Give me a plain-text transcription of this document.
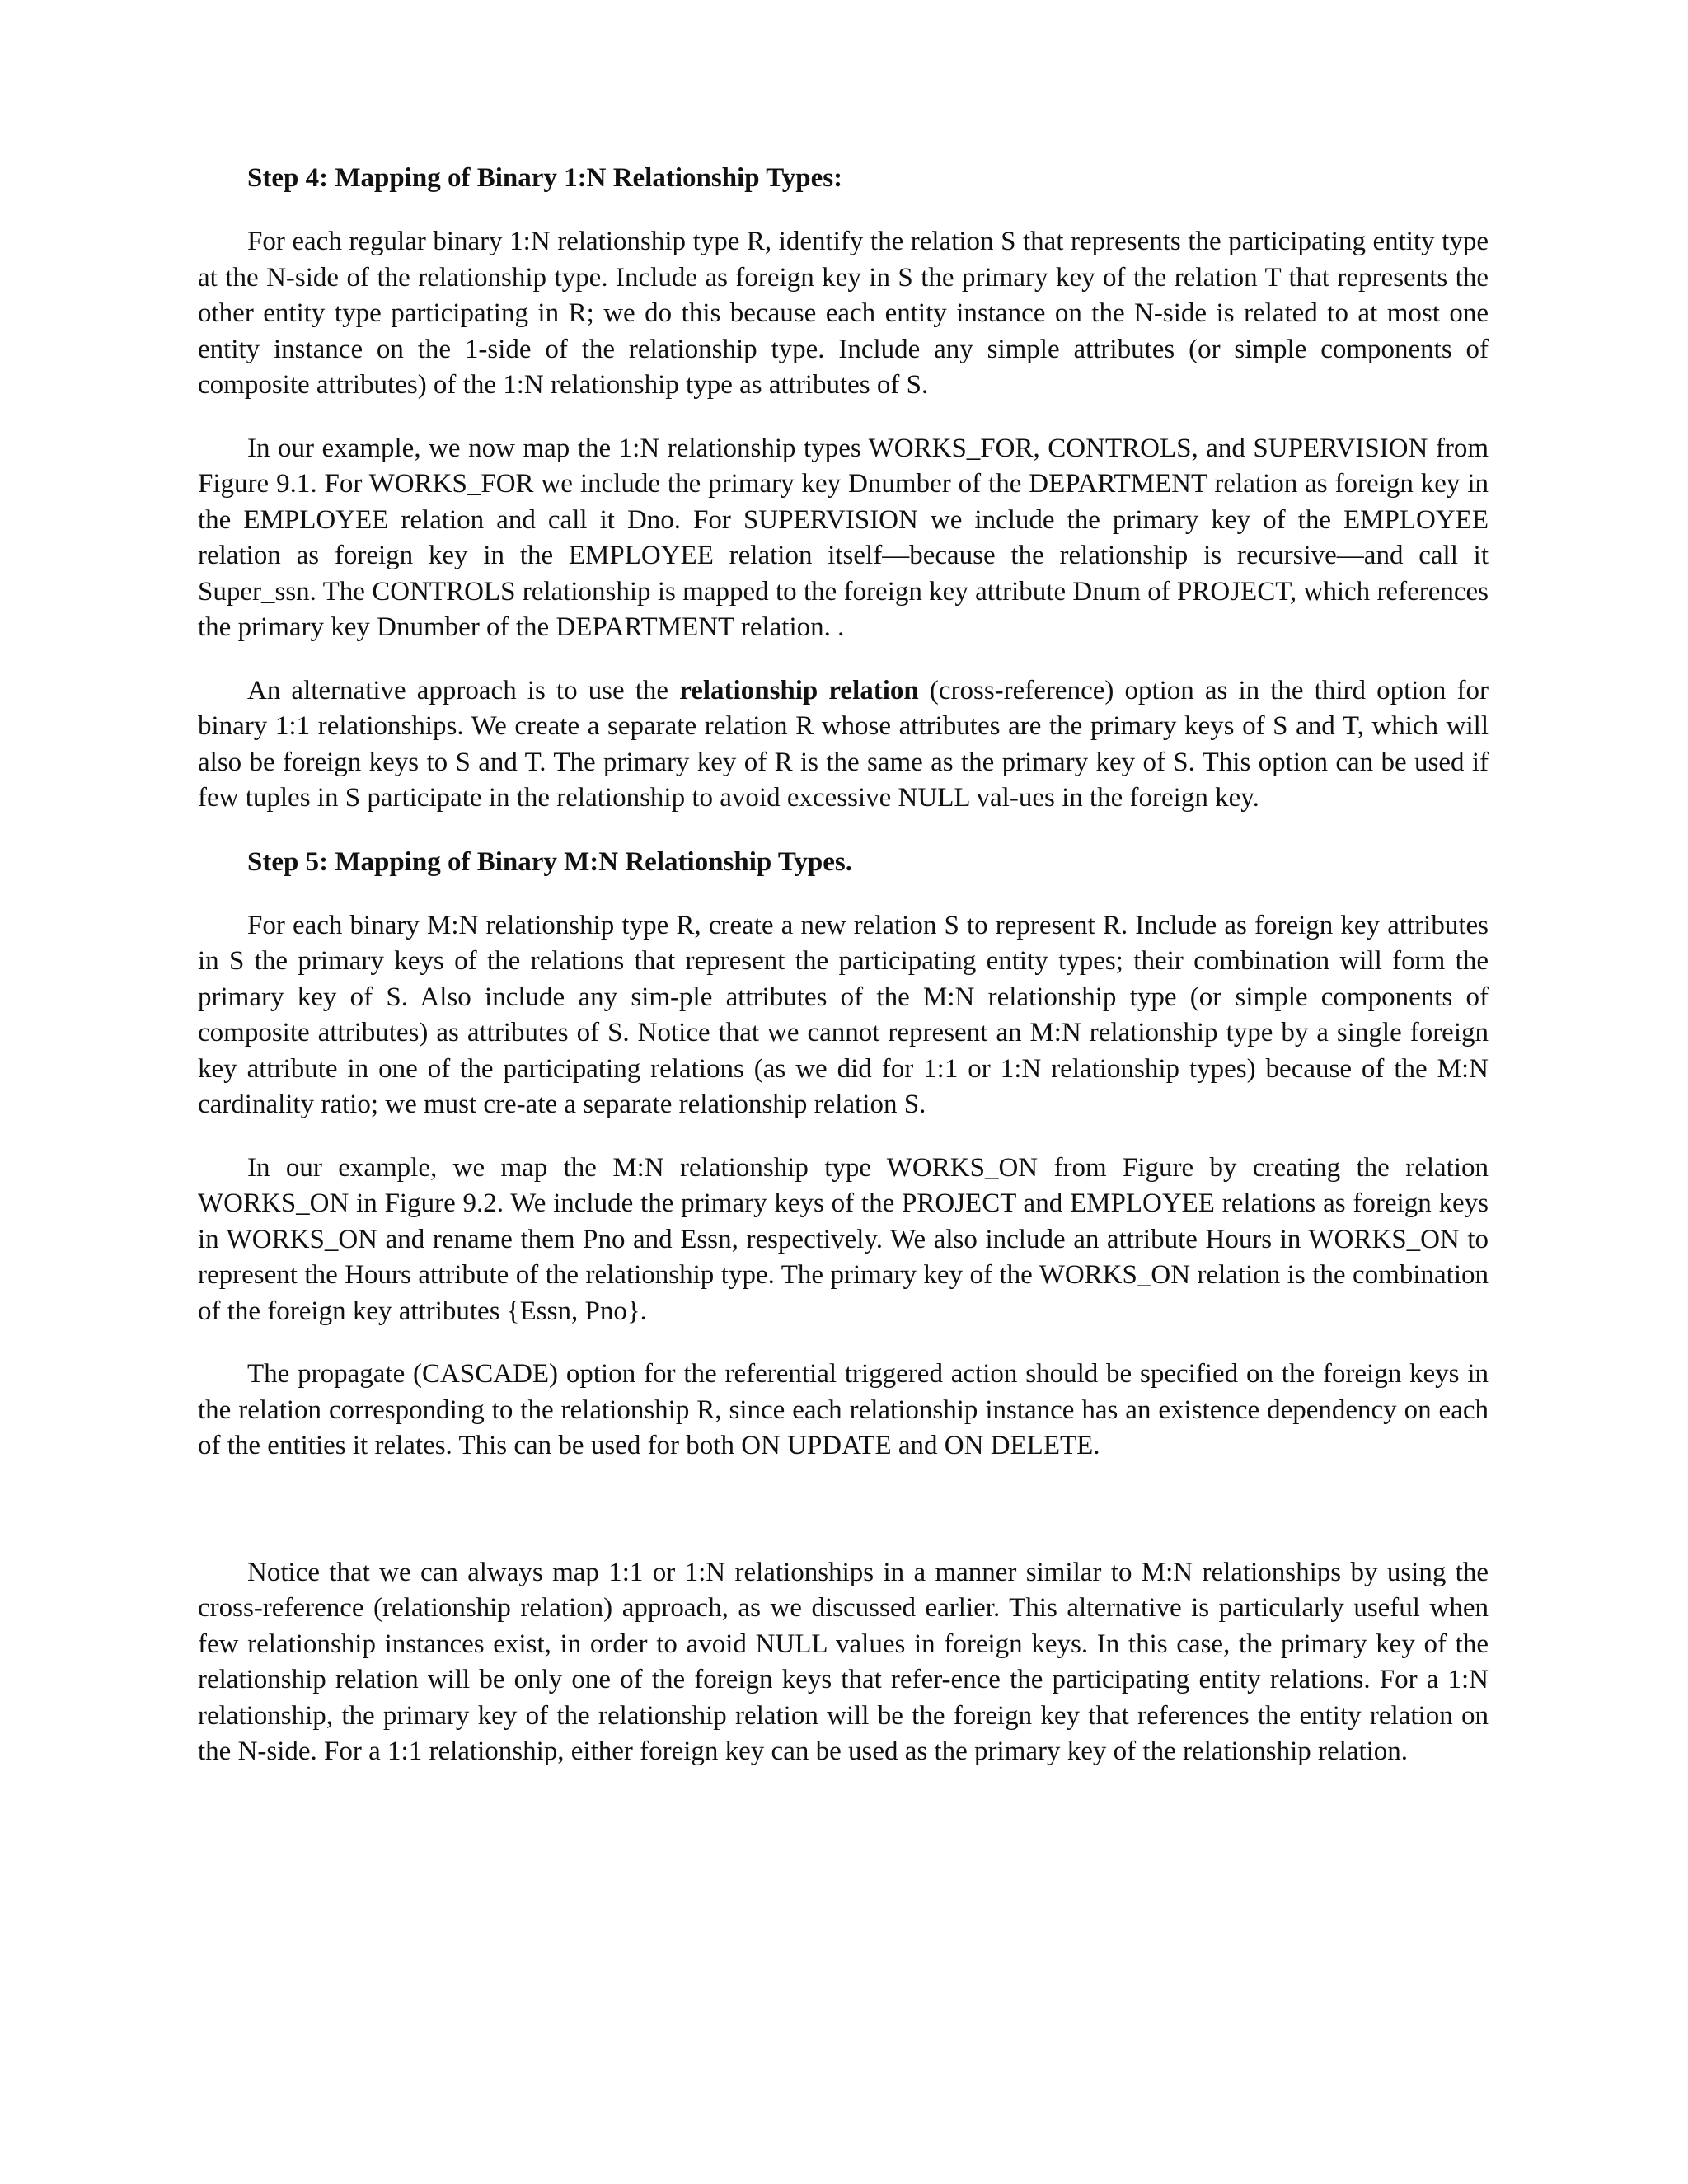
Step 4: Mapping of Binary 1:N Relationship Types:

For each regular binary 1:N relationship type R, identify the relation S that represents the participating entity type at the N-side of the relationship type. Include as foreign key in S the primary key of the relation T that represents the other entity type participating in R; we do this because each entity instance on the N-side is related to at most one entity instance on the 1-side of the relationship type. Include any simple attributes (or simple components of composite attributes) of the 1:N relationship type as attributes of S.

In our example, we now map the 1:N relationship types WORKS_FOR, CONTROLS, and SUPERVISION from Figure 9.1. For WORKS_FOR we include the primary key Dnumber of the DEPARTMENT relation as foreign key in the EMPLOYEE relation and call it Dno. For SUPERVISION we include the primary key of the EMPLOYEE relation as foreign key in the EMPLOYEE relation itself—because the relationship is recursive—and call it Super_ssn. The CONTROLS relationship is mapped to the foreign key attribute Dnum of PROJECT, which references the primary key Dnumber of the DEPARTMENT relation. .

An alternative approach is to use the relationship relation (cross-reference) option as in the third option for binary 1:1 relationships. We create a separate relation R whose attributes are the primary keys of S and T, which will also be foreign keys to S and T. The primary key of R is the same as the primary key of S. This option can be used if few tuples in S participate in the relationship to avoid excessive NULL val-ues in the foreign key.

Step 5: Mapping of Binary M:N Relationship Types.

For each binary M:N relationship type R, create a new relation S to represent R. Include as foreign key attributes in S the primary keys of the relations that represent the participating entity types; their combination will form the primary key of S. Also include any sim-ple attributes of the M:N relationship type (or simple components of composite attributes) as attributes of S. Notice that we cannot represent an M:N relationship type by a single foreign key attribute in one of the participating relations (as we did for 1:1 or 1:N relationship types) because of the M:N cardinality ratio; we must cre-ate a separate relationship relation S.

In our example, we map the M:N relationship type WORKS_ON from Figure by creating the relation WORKS_ON in Figure 9.2. We include the primary keys of the PROJECT and EMPLOYEE relations as foreign keys in WORKS_ON and rename them Pno and Essn, respectively. We also include an attribute Hours in WORKS_ON to represent the Hours attribute of the relationship type. The primary key of the WORKS_ON relation is the combination of the foreign key attributes {Essn, Pno}.

The propagate (CASCADE) option for the referential triggered action should be specified on the foreign keys in the relation corresponding to the relationship R, since each relationship instance has an existence dependency on each of the entities it relates. This can be used for both ON UPDATE and ON DELETE.

Notice that we can always map 1:1 or 1:N relationships in a manner similar to M:N relationships by using the cross-reference (relationship relation) approach, as we discussed earlier. This alternative is particularly useful when few relationship instances exist, in order to avoid NULL values in foreign keys. In this case, the primary key of the relationship relation will be only one of the foreign keys that refer-ence the participating entity relations. For a 1:N relationship, the primary key of the relationship relation will be the foreign key that references the entity relation on the N-side. For a 1:1 relationship, either foreign key can be used as the primary key of the relationship relation.
